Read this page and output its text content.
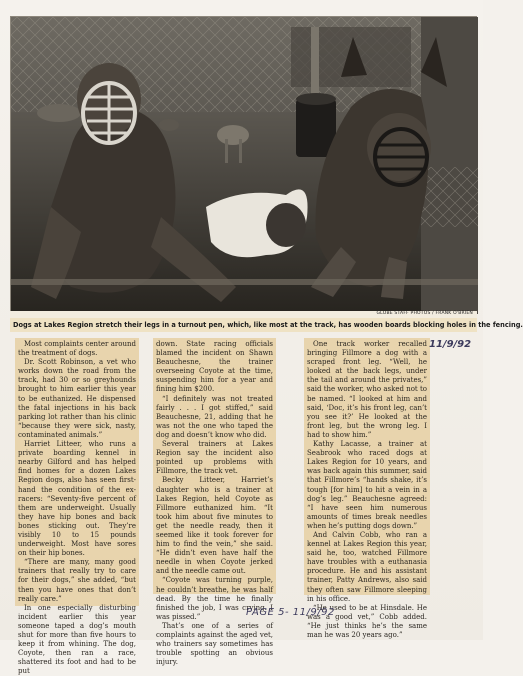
GLOBE STAFF PHOTOS / FRANK O'BRIEN
Dogs at Lakes Region stretch their legs in a turnout pen, which, like most at the track, has wooden boards blocking holes in the fencing.

Most complaints center around the treatment of dogs.

Dr. Scott Robinson, a vet who works down the road from the track, had 30 or so greyhounds brought to him earlier this year to be euthanized. He dispensed the fatal injections in his back parking lot rather than his clinic “because they were sick, nasty, contaminated animals.”

Harriet Litteer, who runs a private boarding kennel in nearby Gilford and has helped find homes for a dozen Lakes Region dogs, also has seen first-hand the condition of the ex-racers: “Seventy-five percent of them are underweight. Usually they have hip bones and back bones sticking out. They’re visibly 10 to 15 pounds underweight. Most have sores on their hip bones.

“There are many, many good trainers that really try to care for their dogs,” she added, “but then you have ones that don’t really care.”

In one especially disturbing incident earlier this year someone taped a dog’s mouth shut for more than five hours to keep it from whining. The dog, Coyote, then ran a race, shattered its foot and had to be put

down. State racing officials blamed the incident on Shawn Beauchesne, the trainer overseeing Coyote at the time, suspending him for a year and fining him $200.

“I definitely was not treated fairly . . . I got stiffed,” said Beauchesne, 21, adding that he was not the one who taped the dog and doesn’t know who did.

Several trainers at Lakes Region say the incident also pointed up problems with Fillmore, the track vet.

Becky Litteer, Harriet’s daughter who is a trainer at Lakes Region, held Coyote as Fillmore euthanized him. “It took him about five minutes to get the needle ready, then it seemed like it took forever for him to find the vein,” she said. “He didn’t even have half the needle in when Coyote jerked and the needle came out.

“Coyote was turning purple, he couldn’t breathe, he was half dead. By the time he finally finished the job, I was crying. I was pissed.”

That’s one of a series of complaints against the aged vet, who trainers say sometimes has trouble spotting an obvious injury.

One track worker recalled bringing Fillmore a dog with a scraped front leg. “Well, he looked at the back legs, under the tail and around the privates,” said the worker, who asked not to be named. “I looked at him and said, ‘Doc, it’s his front leg, can’t you see it?’ He looked at the front leg, but the wrong leg. I had to show him.”

Kathy Lacasse, a trainer at Seabrook who raced dogs at Lakes Region for 10 years, and was back again this summer, said that Fillmore’s “hands shake, it’s tough [for him] to hit a vein in a dog’s leg.” Beauchesne agreed: “I have seen him numerous amounts of times break needles when he’s putting dogs down.”

And Calvin Cobb, who ran a kennel at Lakes Region this year, said he, too, watched Fillmore have troubles with a euthanasia procedure. He and his assistant trainer, Patty Andrews, also said they often saw Fillmore sleeping in his office.

“He used to be at Hinsdale. He was a good vet,” Cobb added. “He just thinks he’s the same man he was 20 years ago.”

11/9/92
PAGE 5- 11/9/92
